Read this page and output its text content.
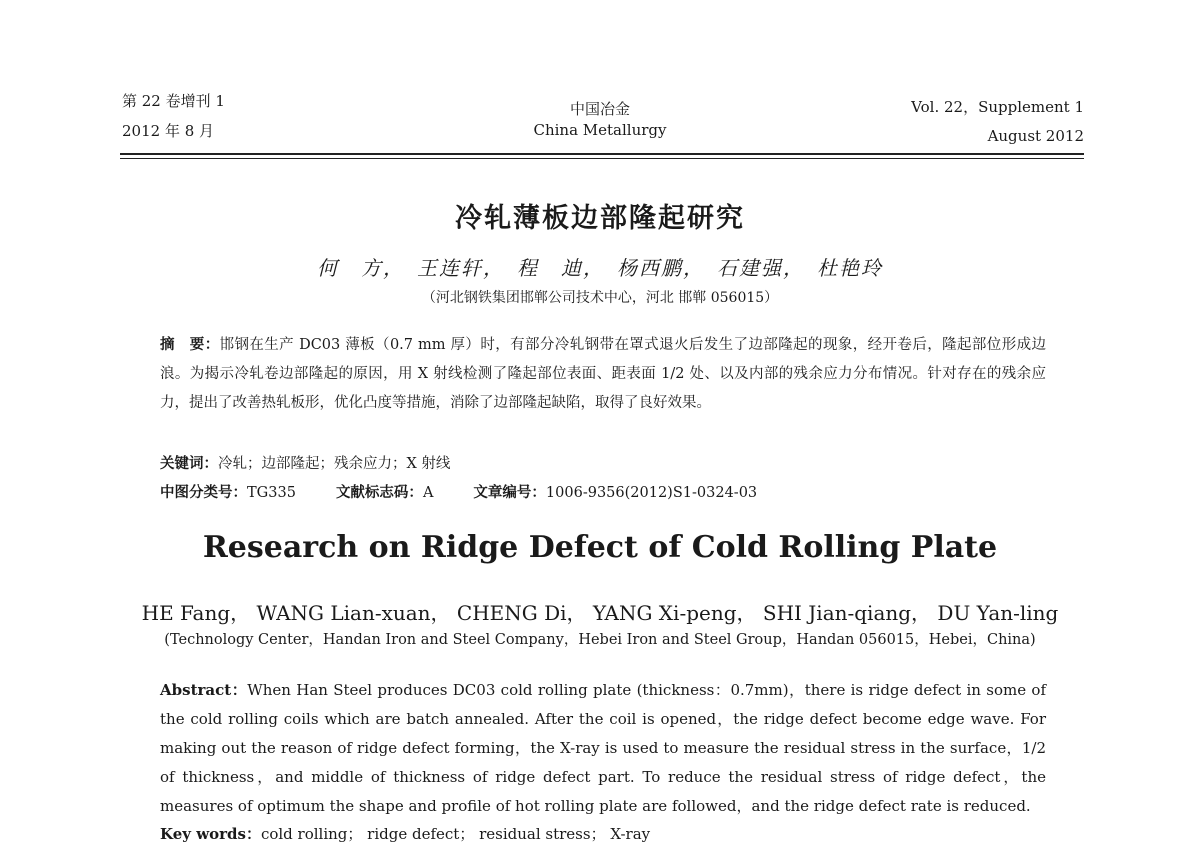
第 22 卷增刊 1
2012 年 8 月
中国冶金
China Metallurgy
Vol. 22，Supplement 1
August 2012
冷轧薄板边部隆起研究
何　方，　王连轩，　程　迪，　杨西鹏，　石建强，　杜艳玲
（河北钢铁集团邯郸公司技术中心，河北 邯郸 056015）
摘　要：邯钢在生产 DC03 薄板（0.7 mm 厚）时，有部分冷轧钢带在罩式退火后发生了边部隆起的现象，经开卷后，隆起部位形成边浪。为揭示冷轧卷边部隆起的原因，用 X 射线检测了隆起部位表面、距表面 1/2 处、以及内部的残余应力分布情况。针对存在的残余应力，提出了改善热轧板形，优化凸度等措施，消除了边部隆起缺陷，取得了良好效果。
关键词：冷轧；边部隆起；残余应力；X 射线
中图分类号：TG335	文献标志码：A	文章编号：1006-9356(2012)S1-0324-03
Research on Ridge Defect of Cold Rolling Plate
HE Fang， WANG Lian-xuan， CHENG Di， YANG Xi-peng， SHI Jian-qiang， DU Yan-ling
(Technology Center，Handan Iron and Steel Company，Hebei Iron and Steel Group，Handan 056015，Hebei，China)
Abstract：When Han Steel produces DC03 cold rolling plate (thickness：0.7mm)，there is ridge defect in some of the cold rolling coils which are batch annealed. After the coil is opened，the ridge defect become edge wave. For making out the reason of ridge defect forming，the X-ray is used to measure the residual stress in the surface，1/2 of thickness，and middle of thickness of ridge defect part. To reduce the residual stress of ridge defect，the measures of optimum the shape and profile of hot rolling plate are followed，and the ridge defect rate is reduced.
Key words：cold rolling； ridge defect； residual stress； X-ray
